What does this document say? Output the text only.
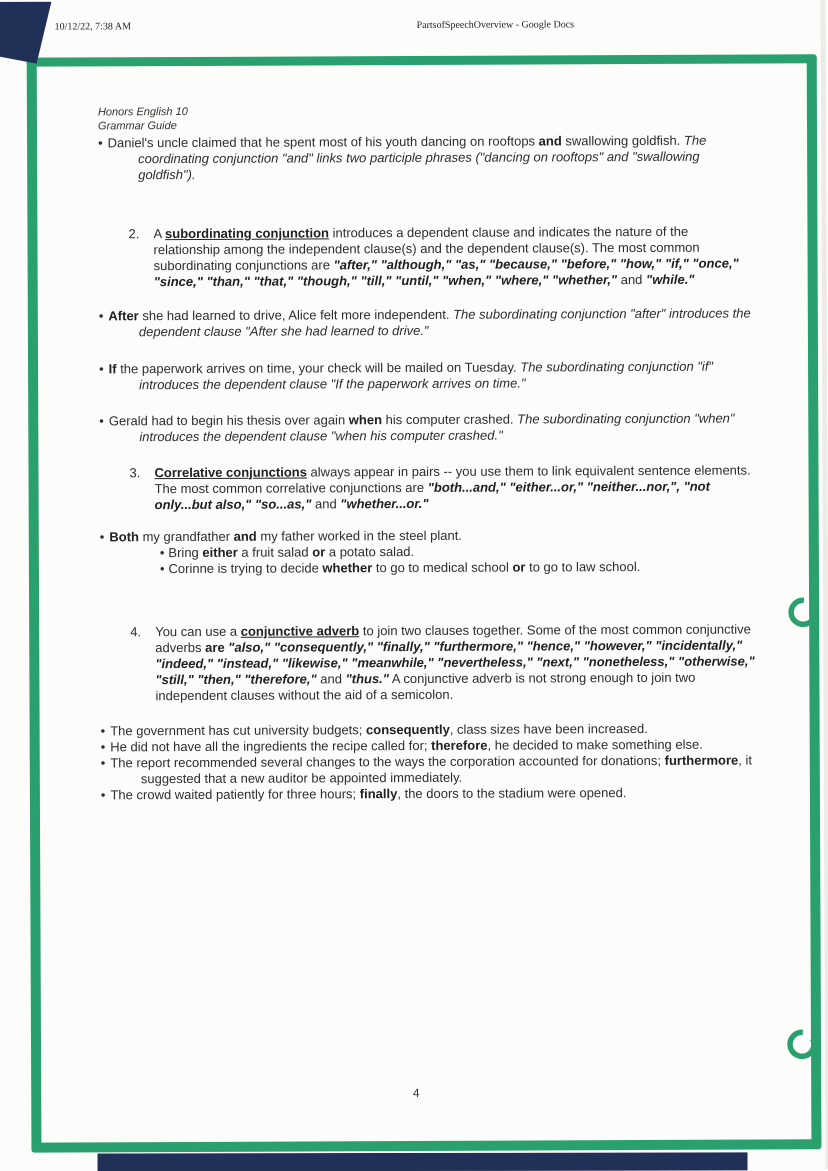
10/12/22, 7:38 AM	PartsofSpeechOverview - Google Docs
Honors English 10
Grammar Guide
• Daniel's uncle claimed that he spent most of his youth dancing on rooftops and swallowing goldfish. The coordinating conjunction "and" links two participle phrases ("dancing on rooftops" and "swallowing goldfish").
2. A subordinating conjunction introduces a dependent clause and indicates the nature of the relationship among the independent clause(s) and the dependent clause(s). The most common subordinating conjunctions are "after," "although," "as," "because," "before," "how," "if," "once," "since," "than," "that," "though," "till," "until," "when," "where," "whether," and "while."
• After she had learned to drive, Alice felt more independent. The subordinating conjunction "after" introduces the dependent clause "After she had learned to drive."
• If the paperwork arrives on time, your check will be mailed on Tuesday. The subordinating conjunction "if" introduces the dependent clause "If the paperwork arrives on time."
• Gerald had to begin his thesis over again when his computer crashed. The subordinating conjunction "when" introduces the dependent clause "when his computer crashed."
3. Correlative conjunctions always appear in pairs -- you use them to link equivalent sentence elements. The most common correlative conjunctions are "both...and," "either...or," "neither...nor,", "not only...but also," "so...as," and "whether...or."
• Both my grandfather and my father worked in the steel plant.
• Bring either a fruit salad or a potato salad.
• Corinne is trying to decide whether to go to medical school or to go to law school.
4. You can use a conjunctive adverb to join two clauses together. Some of the most common conjunctive adverbs are "also," "consequently," "finally," "furthermore," "hence," "however," "incidentally," "indeed," "instead," "likewise," "meanwhile," "nevertheless," "next," "nonetheless," "otherwise," "still," "then," "therefore," and "thus." A conjunctive adverb is not strong enough to join two independent clauses without the aid of a semicolon.
• The government has cut university budgets; consequently, class sizes have been increased.
• He did not have all the ingredients the recipe called for; therefore, he decided to make something else.
• The report recommended several changes to the ways the corporation accounted for donations; furthermore, it suggested that a new auditor be appointed immediately.
• The crowd waited patiently for three hours; finally, the doors to the stadium were opened.
4
